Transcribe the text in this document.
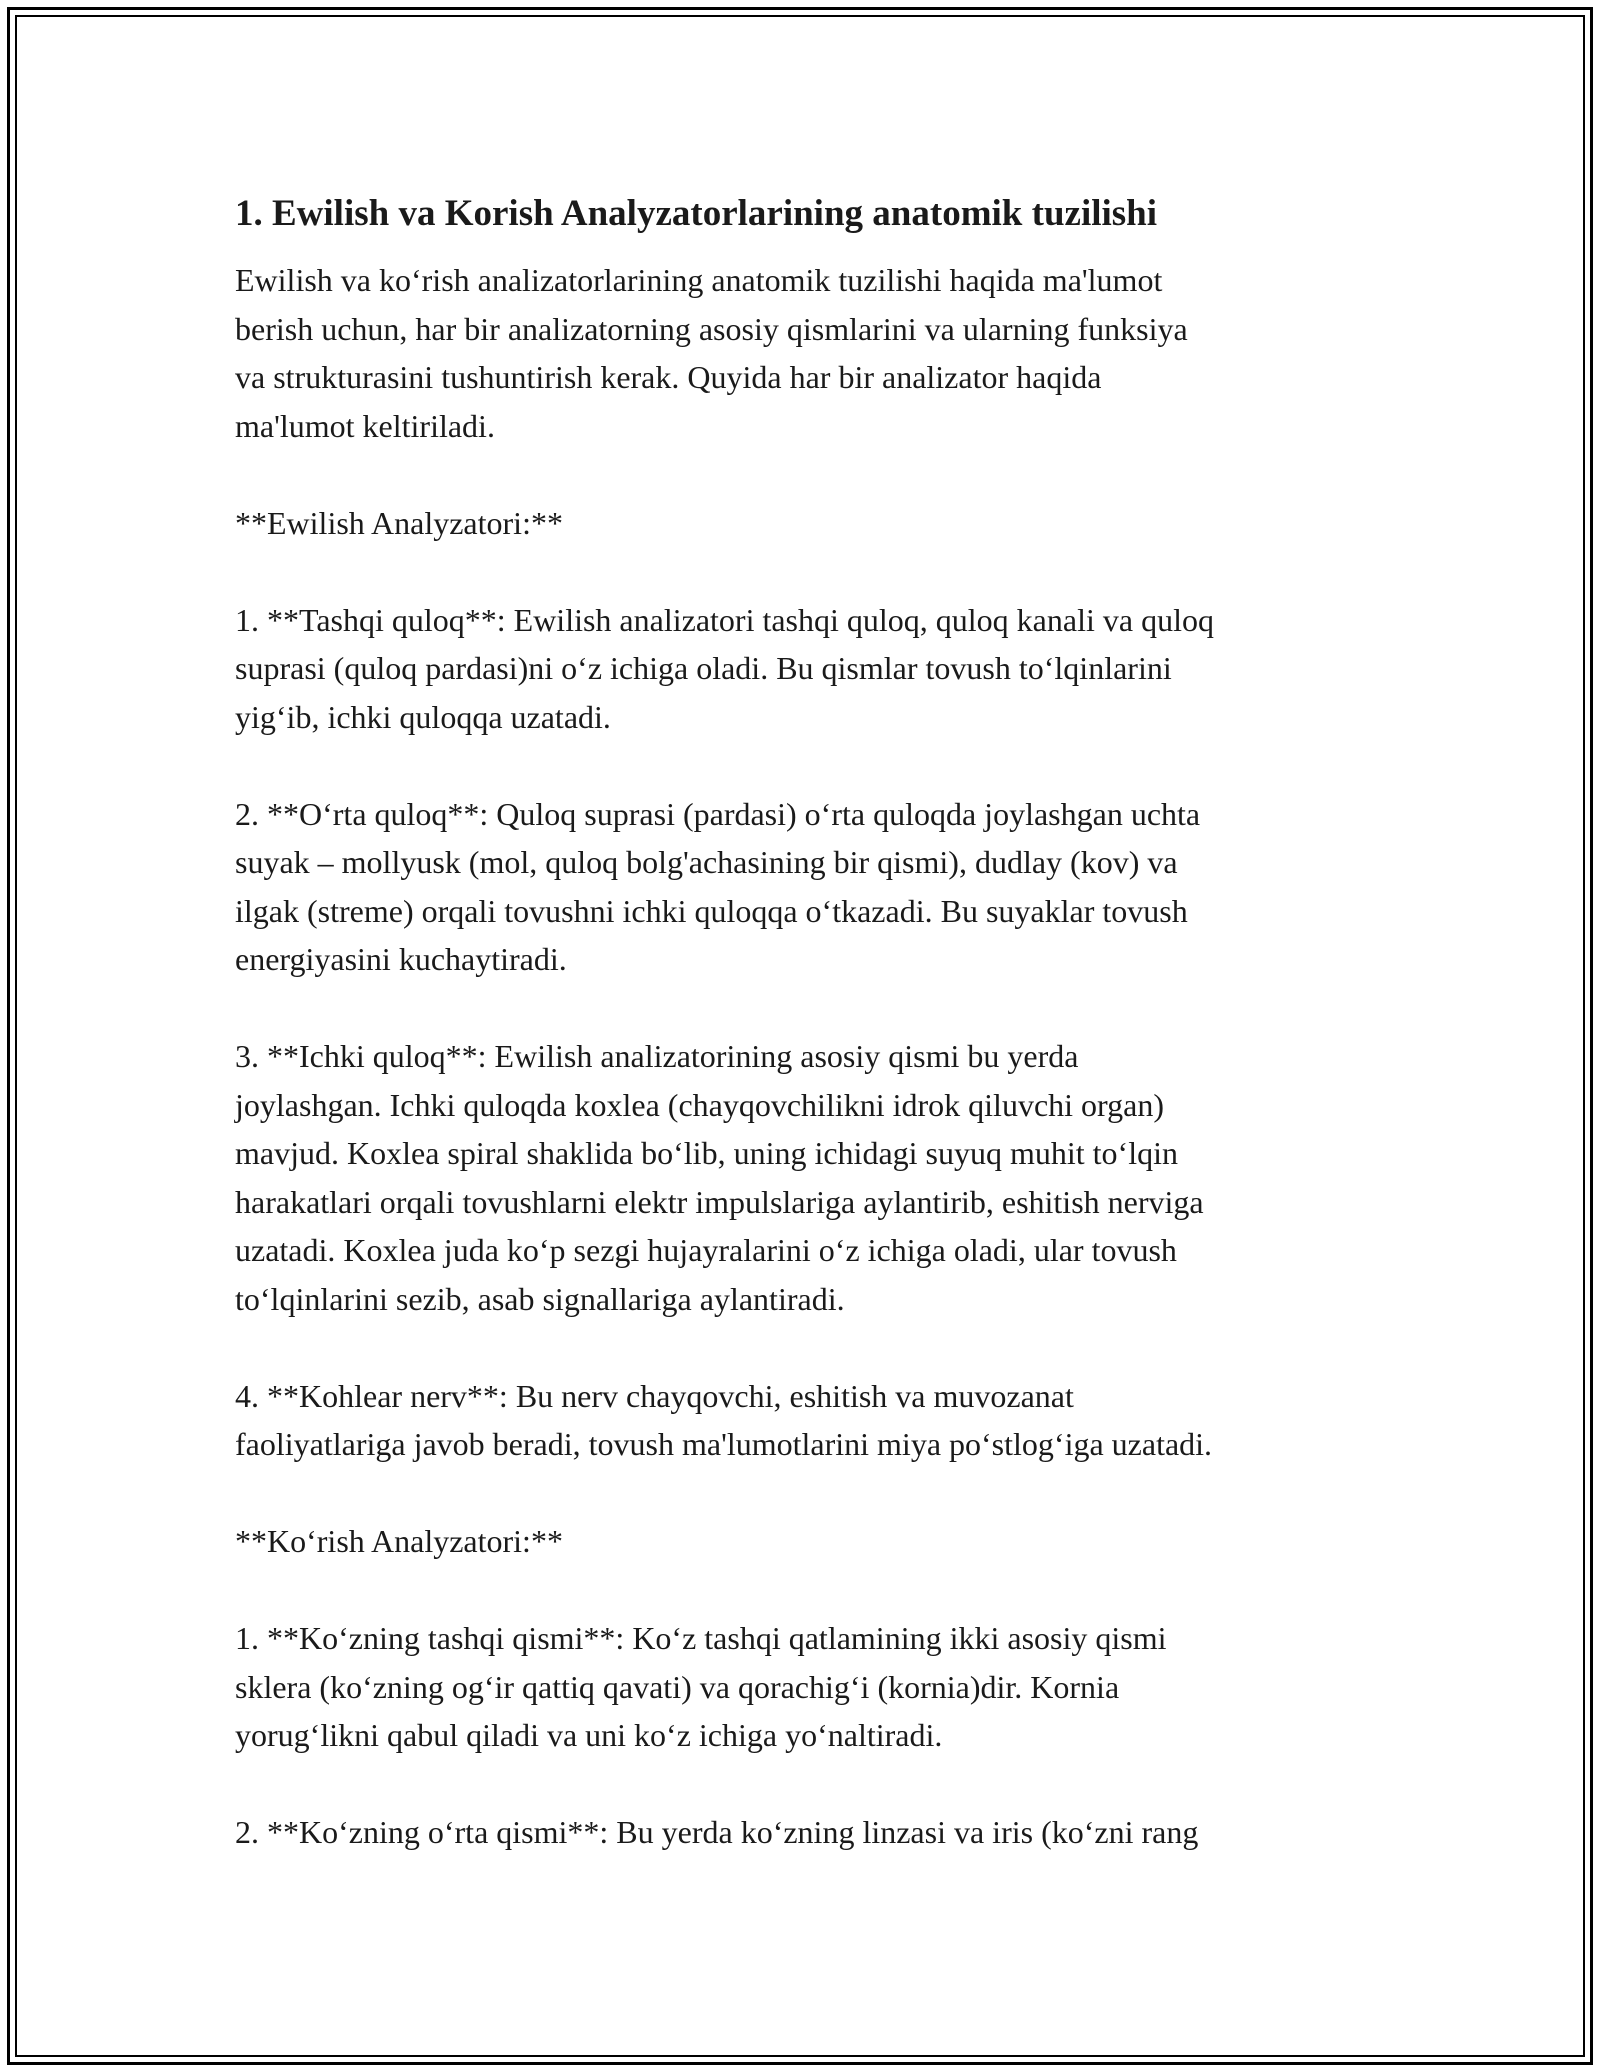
1. Ewilish va Korish Analyzatorlarining anatomik tuzilishi

Ewilish va ko‘rish analizatorlarining anatomik tuzilishi haqida ma'lumot
berish uchun, har bir analizatorning asosiy qismlarini va ularning funksiya
va strukturasini tushuntirish kerak. Quyida har bir analizator haqida
ma'lumot keltiriladi.

**Ewilish Analyzatori:**

1. **Tashqi quloq**: Ewilish analizatori tashqi quloq, quloq kanali va quloq
suprasi (quloq pardasi)ni o‘z ichiga oladi. Bu qismlar tovush to‘lqinlarini
yig‘ib, ichki quloqqa uzatadi.

2. **O‘rta quloq**: Quloq suprasi (pardasi) o‘rta quloqda joylashgan uchta
suyak – mollyusk (mol, quloq bolg'achasining bir qismi), dudlay (kov) va
ilgak (streme) orqali tovushni ichki quloqqa o‘tkazadi. Bu suyaklar tovush
energiyasini kuchaytiradi.

3. **Ichki quloq**: Ewilish analizatorining asosiy qismi bu yerda
joylashgan. Ichki quloqda koxlea (chayqovchilikni idrok qiluvchi organ)
mavjud. Koxlea spiral shaklida bo‘lib, uning ichidagi suyuq muhit to‘lqin
harakatlari orqali tovushlarni elektr impulslariga aylantirib, eshitish nerviga
uzatadi. Koxlea juda ko‘p sezgi hujayralarini o‘z ichiga oladi, ular tovush
to‘lqinlarini sezib, asab signallariga aylantiradi.

4. **Kohlear nerv**: Bu nerv chayqovchi, eshitish va muvozanat
faoliyatlariga javob beradi, tovush ma'lumotlarini miya po‘stlog‘iga uzatadi.

**Ko‘rish Analyzatori:**

1. **Ko‘zning tashqi qismi**: Ko‘z tashqi qatlamining ikki asosiy qismi
sklera (ko‘zning og‘ir qattiq qavati) va qorachig‘i (kornia)dir. Kornia
yorug‘likni qabul qiladi va uni ko‘z ichiga yo‘naltiradi.

2. **Ko‘zning o‘rta qismi**: Bu yerda ko‘zning linzasi va iris (ko‘zni rang
